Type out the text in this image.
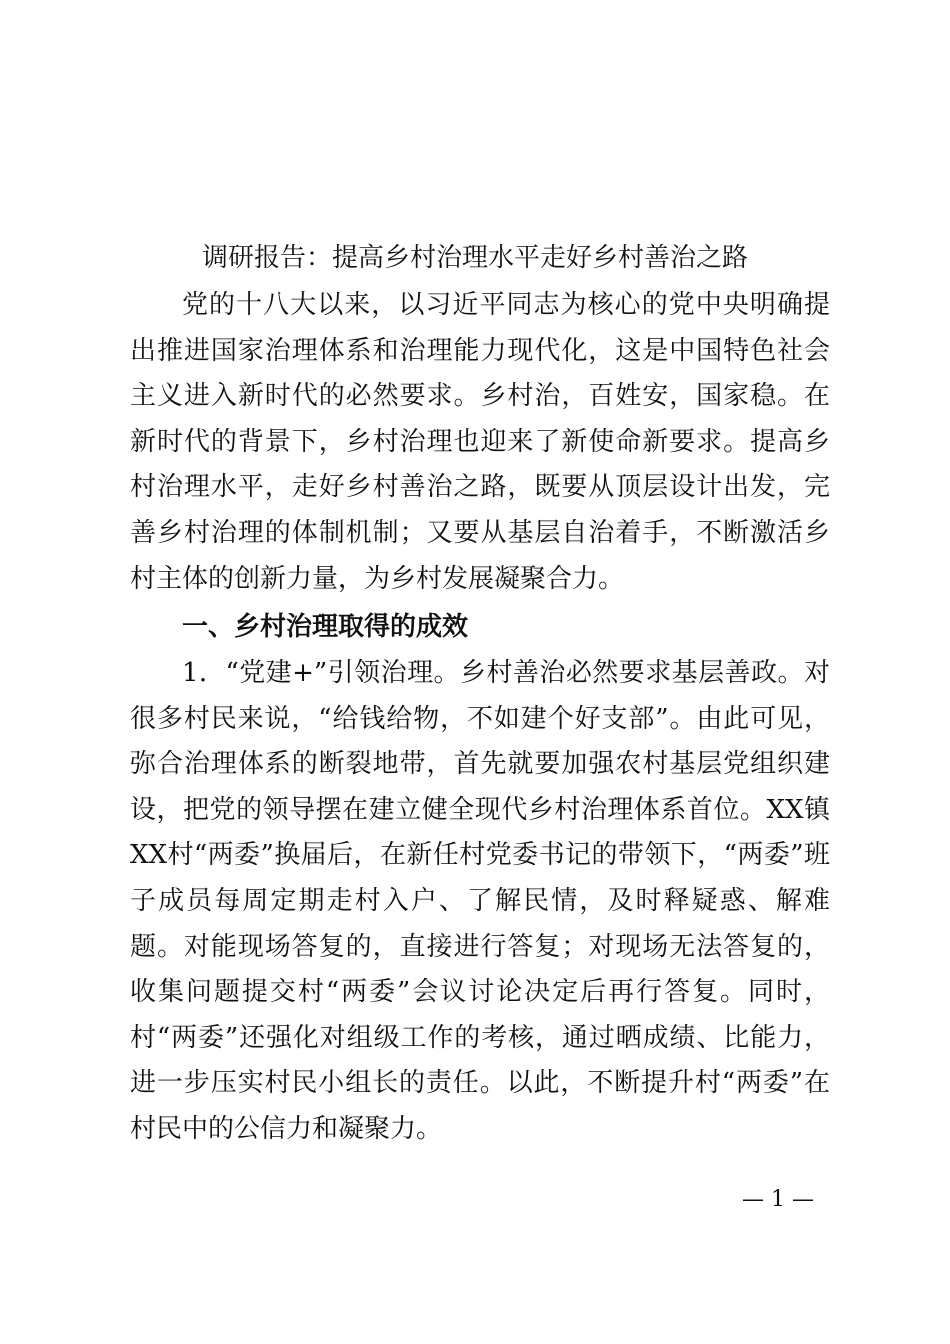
调研报告：提高乡村治理水平走好乡村善治之路

党的十八大以来，以习近平同志为核心的党中央明确提出推进国家治理体系和治理能力现代化，这是中国特色社会主义进入新时代的必然要求。乡村治，百姓安，国家稳。在新时代的背景下，乡村治理也迎来了新使命新要求。提高乡村治理水平，走好乡村善治之路，既要从顶层设计出发，完善乡村治理的体制机制；又要从基层自治着手，不断激活乡村主体的创新力量，为乡村发展凝聚合力。

一、乡村治理取得的成效

1．“党建+”引领治理。乡村善治必然要求基层善政。对很多村民来说，“给钱给物，不如建个好支部”。由此可见，弥合治理体系的断裂地带，首先就要加强农村基层党组织建设，把党的领导摆在建立健全现代乡村治理体系首位。XX镇XX村“两委”换届后，在新任村党委书记的带领下，“两委”班子成员每周定期走村入户、了解民情，及时释疑惑、解难题。对能现场答复的，直接进行答复；对现场无法答复的，收集问题提交村“两委”会议讨论决定后再行答复。同时，村“两委”还强化对组级工作的考核，通过晒成绩、比能力，进一步压实村民小组长的责任。以此，不断提升村“两委”在村民中的公信力和凝聚力。

— 1 —
